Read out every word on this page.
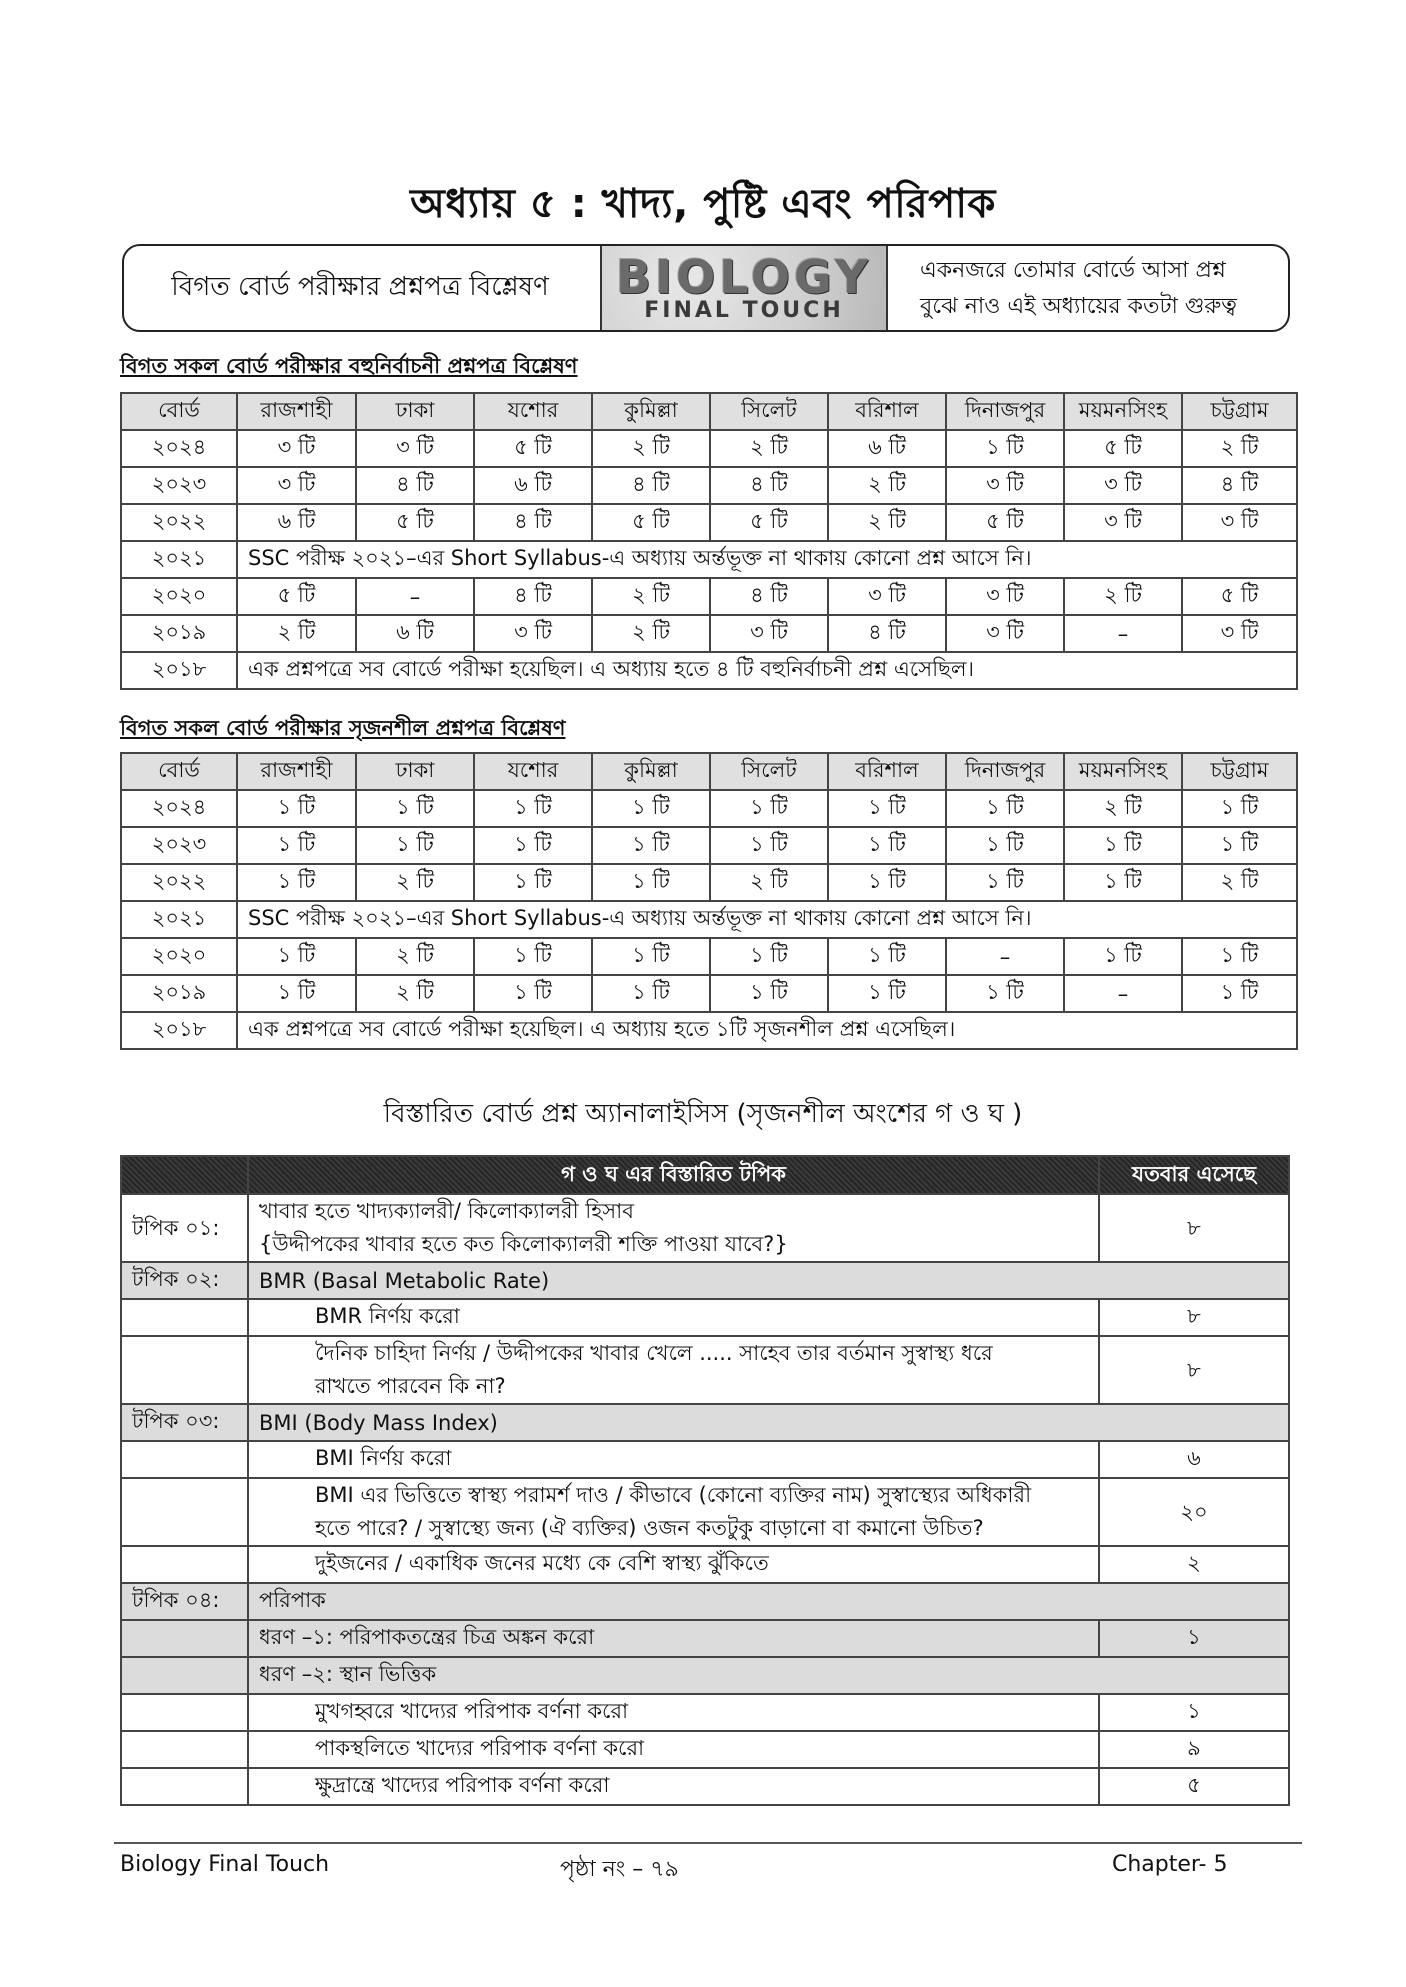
অধ্যায় ৫ : খাদ্য, পুষ্টি এবং পরিপাক
বিগত বোর্ড পরীক্ষার প্রশ্নপত্র বিশ্লেষণ	BIOLOGY
FINAL TOUCH
একনজরে তোমার বোর্ডে আসা প্রশ্ন
বুঝে নাও এই অধ্যায়ের কতটা গুরুত্ব
বিগত সকল বোর্ড পরীক্ষার বহুনির্বাচনী প্রশ্নপত্র বিশ্লেষণ
বোর্ড	রাজশাহী	ঢাকা	যশোর	কুমিল্লা	সিলেট	বরিশাল	দিনাজপুর	ময়মনসিংহ	চট্টগ্রাম
২০২৪	৩ টি	৩ টি	৫ টি	২ টি	২ টি	৬ টি	১ টি	৫ টি	২ টি
২০২৩	৩ টি	৪ টি	৬ টি	৪ টি	৪ টি	২ টি	৩ টি	৩ টি	৪ টি
২০২২	৬ টি	৫ টি	৪ টি	৫ টি	৫ টি	২ টি	৫ টি	৩ টি	৩ টি
২০২১	SSC পরীক্ষ ২০২১–এর Short Syllabus-এ অধ্যায় অর্ন্তভূক্ত না থাকায় কোনো প্রশ্ন আসে নি।								
২০২০	৫ টি	–	৪ টি	২ টি	৪ টি	৩ টি	৩ টি	২ টি	৫ টি
২০১৯	২ টি	৬ টি	৩ টি	২ টি	৩ টি	৪ টি	৩ টি	–	৩ টি
২০১৮	এক প্রশ্নপত্রে সব বোর্ডে পরীক্ষা হয়েছিল। এ অধ্যায় হতে ৪ টি বহুনির্বাচনী প্রশ্ন এসেছিল।								
বিগত সকল বোর্ড পরীক্ষার সৃজনশীল প্রশ্নপত্র বিশ্লেষণ
বোর্ড	রাজশাহী	ঢাকা	যশোর	কুমিল্লা	সিলেট	বরিশাল	দিনাজপুর	ময়মনসিংহ	চট্টগ্রাম
২০২৪	১ টি	১ টি	১ টি	১ টি	১ টি	১ টি	১ টি	২ টি	১ টি
২০২৩	১ টি	১ টি	১ টি	১ টি	১ টি	১ টি	১ টি	১ টি	১ টি
২০২২	১ টি	২ টি	১ টি	১ টি	২ টি	১ টি	১ টি	১ টি	২ টি
২০২১	SSC পরীক্ষ ২০২১–এর Short Syllabus-এ অধ্যায় অর্ন্তভূক্ত না থাকায় কোনো প্রশ্ন আসে নি।								
২০২০	১ টি	২ টি	১ টি	১ টি	১ টি	১ টি	–	১ টি	১ টি
২০১৯	১ টি	২ টি	১ টি	১ টি	১ টি	১ টি	১ টি	–	১ টি
২০১৮	এক প্রশ্নপত্রে সব বোর্ডে পরীক্ষা হয়েছিল। এ অধ্যায় হতে ১টি সৃজনশীল প্রশ্ন এসেছিল।								
বিস্তারিত বোর্ড প্রশ্ন অ্যানালাইসিস (সৃজনশীল অংশের গ ও ঘ )
	গ ও ঘ এর বিস্তারিত টপিক	যতবার এসেছে
টপিক ০১:	খাবার হতে খাদ্যক্যালরী/ কিলোক্যালরী হিসাব
{উদ্দীপকের খাবার হতে কত কিলোক্যালরী শক্তি পাওয়া যাবে?}	৮
টপিক ০২:	BMR (Basal Metabolic Rate)	
	BMR নির্ণয় করো	৮

	দৈনিক চাহিদা নির্ণয় / উদ্দীপকের খাবার খেলে ..... সাহেব তার বর্তমান সুস্বাস্থ্য ধরে
রাখতে পারবেন কি না?	৮
টপিক ০৩:	BMI (Body Mass Index)	
	BMI নির্ণয় করো	৬

	BMI এর ভিত্তিতে স্বাস্থ্য পরামর্শ দাও / কীভাবে (কোনো ব্যক্তির নাম) সুস্বাস্থ্যের অধিকারী
হতে পারে? / সুস্বাস্থ্যে জন্য (ঐ ব্যক্তির) ওজন কতটুকু বাড়ানো বা কমানো উচিত?	২০
	দুইজনের / একাধিক জনের মধ্যে কে বেশি স্বাস্থ্য ঝুঁকিতে	২
টপিক ০৪:	পরিপাক	
	ধরণ –১: পরিপাকতন্ত্রের চিত্র অঙ্কন করো	১
	ধরণ –২: স্থান ভিত্তিক	
	মুখগহ্বরে খাদ্যের পরিপাক বর্ণনা করো	১
	পাকস্থলিতে খাদ্যের পরিপাক বর্ণনা করো	৯
	ক্ষুদ্রান্ত্রে খাদ্যের পরিপাক বর্ণনা করো	৫
Biology Final Touch	পৃষ্ঠা নং – ৭৯	Chapter- 5
